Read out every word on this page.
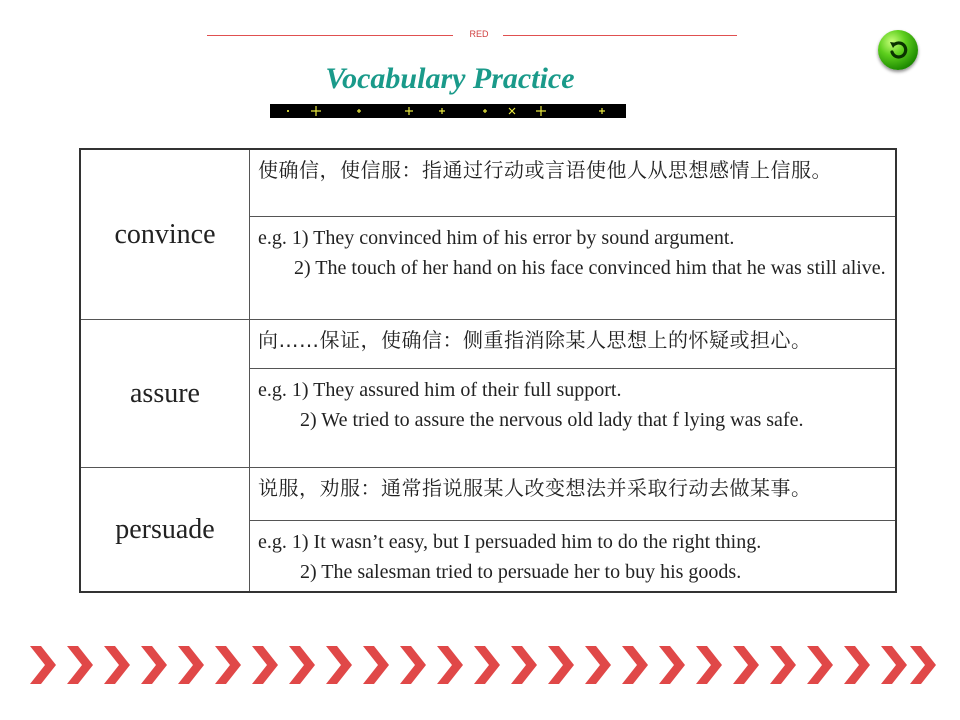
RED
Vocabulary Practice
convince	使确信，使信服：指通过行动或言语使他人从思想感情上信服。

	e.g. 1) They convinced him of his error by sound argument.
2) The touch of her hand on his face convinced him that he was still alive.

assure	向……保证，使确信：侧重指消除某人思想上的怀疑或担心。

	e.g. 1) They assured him of their full support.
2) We tried to assure the nervous old lady that f lying was safe.

persuade	说服，劝服：通常指说服某人改变想法并采取行动去做某事。

	e.g. 1) It wasn’t easy, but I persuaded him to do the right thing.
2) The salesman tried to persuade her to buy his goods.
